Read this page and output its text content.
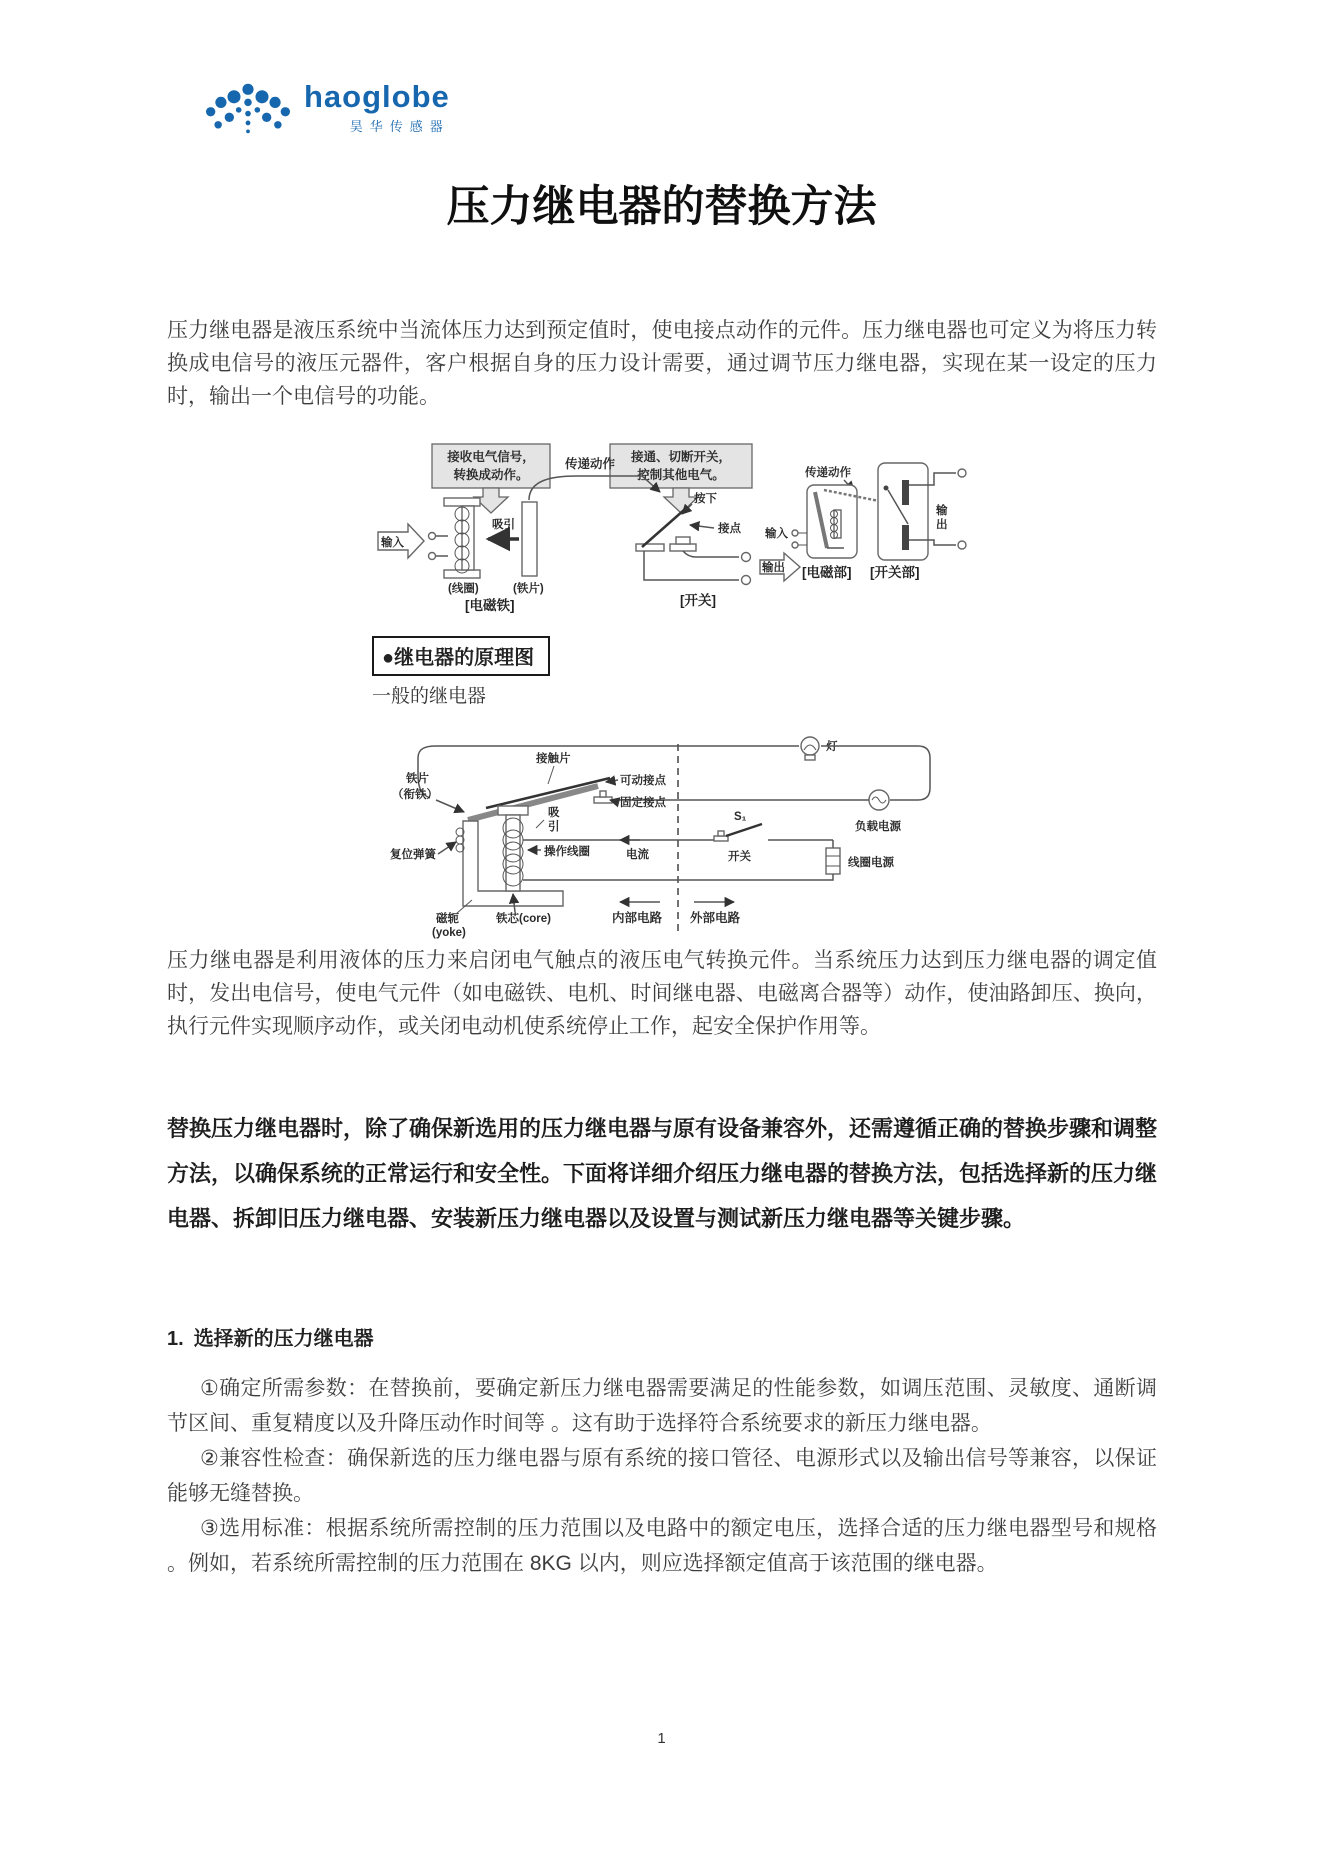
haoglobe
昊华传感器
压力继电器的替换方法
压力继电器是液压系统中当流体压力达到预定值时，使电接点动作的元件。压力继电器也可定义为将压力转换成电信号的液压元器件，客户根据自身的压力设计需要，通过调节压力继电器，实现在某一设定的压力时，输出一个电信号的功能。
接收电气信号，
转换成动作。
接通、切断开关，
控制其他电气。
输入
吸引
传递动作
按下
接点
传递动作
输入
输出
输
出
(线圈)	(铁片)
[电磁铁]	[开关]
[电磁部] [开关部]
●继电器的原理图
一般的继电器
灯
负载电源
接触片
可动接点
固定接点
铁片
（衔铁）
复位弹簧
吸
引
操作线圈	电流
S₁
开关	线圈电源
磁轭
(yoke)
铁芯(core)	内部电路 外部电路
压力继电器是利用液体的压力来启闭电气触点的液压电气转换元件。当系统压力达到压力继电器的调定值时，发出电信号，使电气元件（如电磁铁、电机、时间继电器、电磁离合器等）动作，使油路卸压、换向，执行元件实现顺序动作，或关闭电动机使系统停止工作，起安全保护作用等。
替换压力继电器时，除了确保新选用的压力继电器与原有设备兼容外，还需遵循正确的替换步骤和调整方法，以确保系统的正常运行和安全性。下面将详细介绍压力继电器的替换方法，包括选择新的压力继电器、拆卸旧压力继电器、安装新压力继电器以及设置与测试新压力继电器等关键步骤。
1. 选择新的压力继电器
①确定所需参数：在替换前，要确定新压力继电器需要满足的性能参数，如调压范围、灵敏度、通断调节区间、重复精度以及升降压动作时间等 。这有助于选择符合系统要求的新压力继电器。
②兼容性检查：确保新选的压力继电器与原有系统的接口管径、电源形式以及输出信号等兼容，以保证能够无缝替换。
③选用标准：根据系统所需控制的压力范围以及电路中的额定电压，选择合适的压力继电器型号和规格 。例如，若系统所需控制的压力范围在 8KG 以内，则应选择额定值高于该范围的继电器。
1
